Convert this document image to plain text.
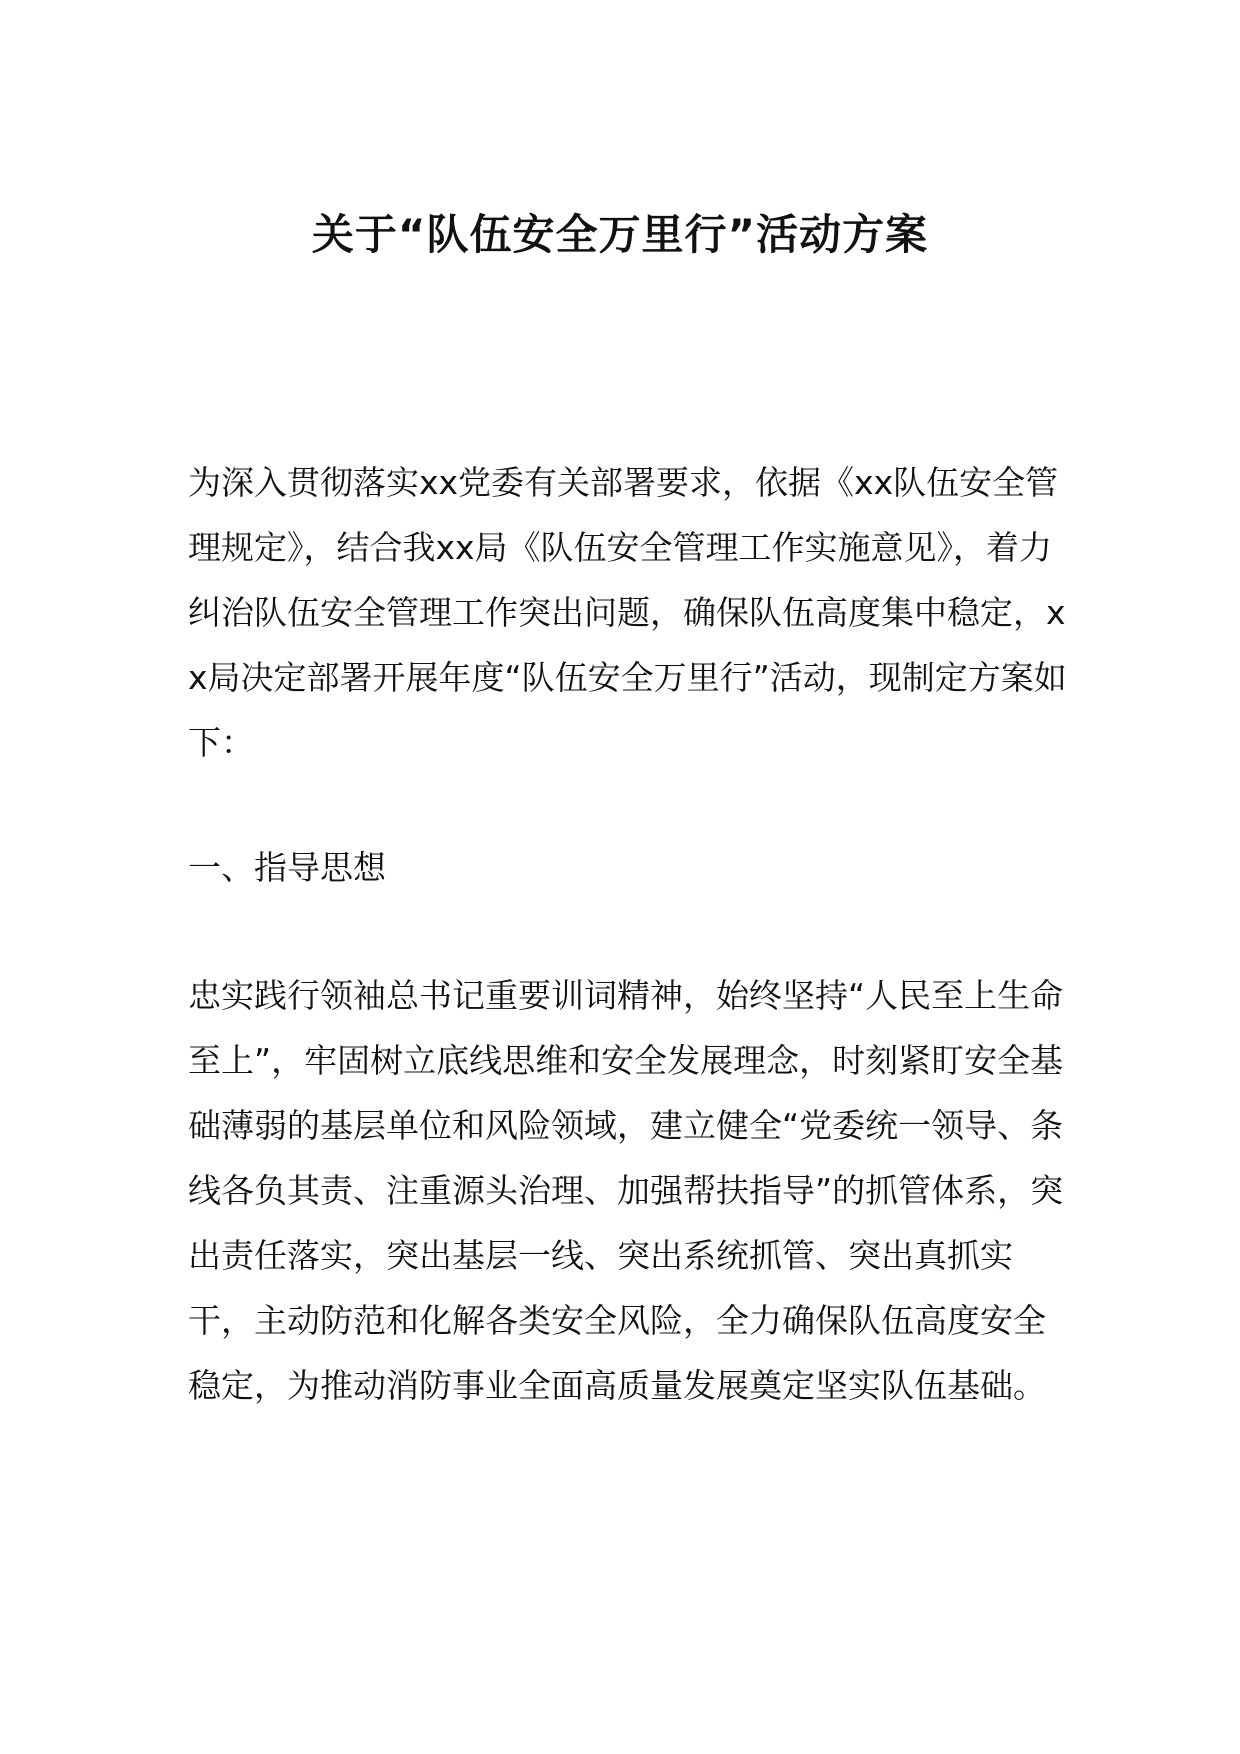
关于“队伍安全万里行”活动方案

为深入贯彻落实xx党委有关部署要求，依据《xx队伍安全管理规定》，结合我xx局《队伍安全管理工作实施意见》，着力纠治队伍安全管理工作突出问题，确保队伍高度集中稳定，xx局决定部署开展年度“队伍安全万里行”活动，现制定方案如下：

一、指导思想

忠实践行领袖总书记重要训词精神，始终坚持“人民至上生命至上”，牢固树立底线思维和安全发展理念，时刻紧盯安全基础薄弱的基层单位和风险领域，建立健全“党委统一领导、条线各负其责、注重源头治理、加强帮扶指导”的抓管体系，突出责任落实，突出基层一线、突出系统抓管、突出真抓实干，主动防范和化解各类安全风险，全力确保队伍高度安全稳定，为推动消防事业全面高质量发展奠定坚实队伍基础。
